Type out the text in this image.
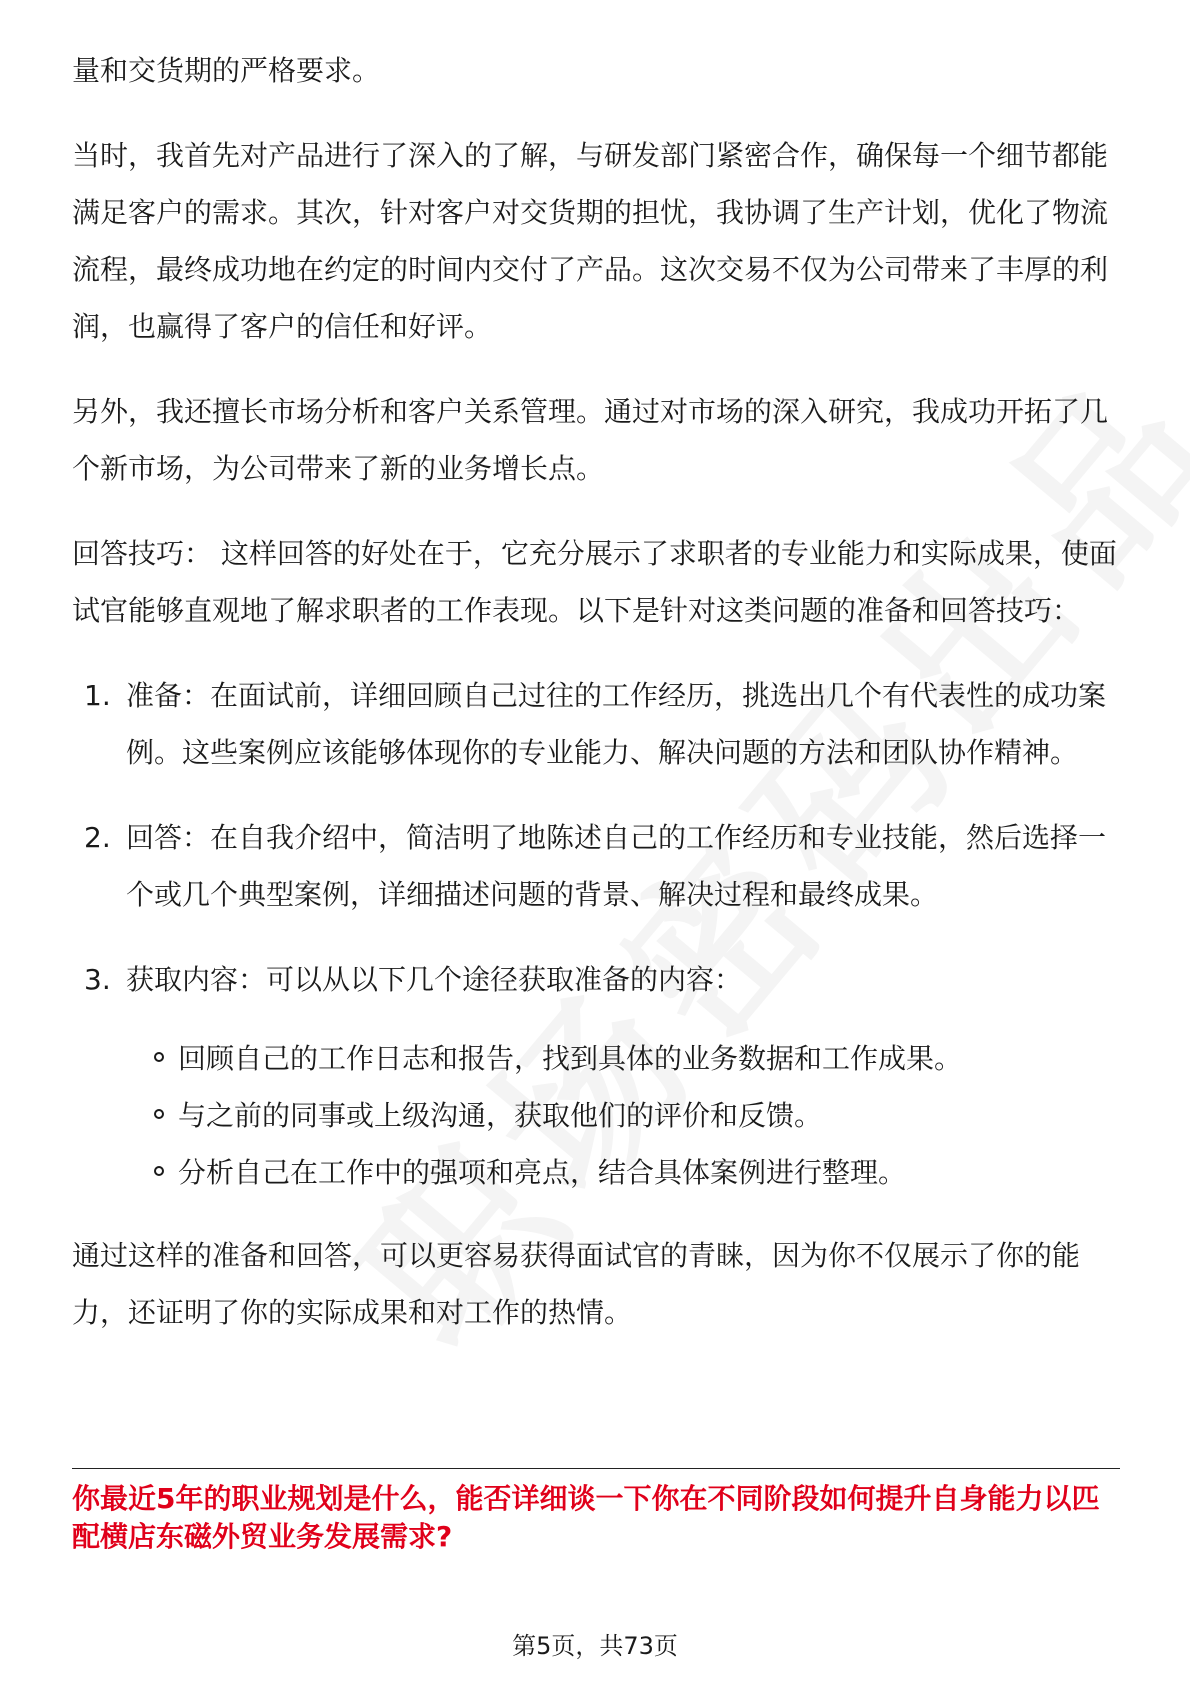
量和交货期的严格要求。

当时，我首先对产品进行了深入的了解，与研发部门紧密合作，确保每一个细节都能满足客户的需求。其次，针对客户对交货期的担忧，我协调了生产计划，优化了物流流程，最终成功地在约定的时间内交付了产品。这次交易不仅为公司带来了丰厚的利润，也赢得了客户的信任和好评。

另外，我还擅长市场分析和客户关系管理。通过对市场的深入研究，我成功开拓了几个新市场，为公司带来了新的业务增长点。

回答技巧： 这样回答的好处在于，它充分展示了求职者的专业能力和实际成果，使面试官能够直观地了解求职者的工作表现。以下是针对这类问题的准备和回答技巧：

1. 准备：在面试前，详细回顾自己过往的工作经历，挑选出几个有代表性的成功案例。这些案例应该能够体现你的专业能力、解决问题的方法和团队协作精神。
2. 回答：在自我介绍中，简洁明了地陈述自己的工作经历和专业技能，然后选择一个或几个典型案例，详细描述问题的背景、解决过程和最终成果。
3. 获取内容：可以从以下几个途径获取准备的内容：
回顾自己的工作日志和报告，找到具体的业务数据和工作成果。
与之前的同事或上级沟通，获取他们的评价和反馈。
分析自己在工作中的强项和亮点，结合具体案例进行整理。

通过这样的准备和回答，可以更容易获得面试官的青睐，因为你不仅展示了你的能力，还证明了你的实际成果和对工作的热情。

你最近5年的职业规划是什么，能否详细谈一下你在不同阶段如何提升自身能力以匹配横店东磁外贸业务发展需求?
第5页，共73页
